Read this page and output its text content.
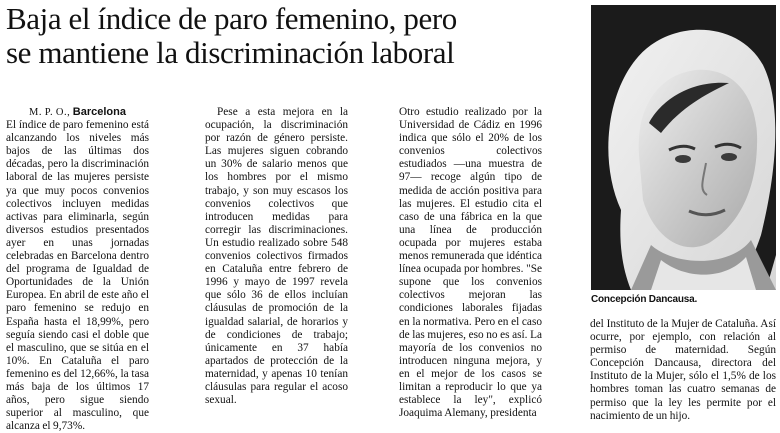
Baja el índice de paro femenino, pero
se mantiene la discriminación laboral

M. P. O., Barcelona

El índice de paro femenino está alcanzando los niveles más bajos de las últimas dos décadas, pero la discriminación laboral de las mujeres persiste ya que muy pocos convenios colectivos incluyen medidas activas para eliminarla, según diversos estudios presentados ayer en unas jornadas celebradas en Barcelona dentro del programa de Igualdad de Oportunidades de la Unión Europea. En abril de este año el paro femenino se redujo en España hasta el 18,99%, pero seguía siendo casi el doble que el masculino, que se sitúa en el 10%. En Cataluña el paro femenino es del 12,66%, la tasa más baja de los últimos 17 años, pero sigue siendo superior al masculino, que alcanza el 9,73%.

Pese a esta mejora en la ocupación, la discriminación por razón de género persiste. Las mujeres siguen cobrando un 30% de salario menos que los hombres por el mismo trabajo, y son muy escasos los convenios colectivos que introducen medidas para corregir las discriminaciones. Un estudio realizado sobre 548 convenios colectivos firmados en Cataluña entre febrero de 1996 y mayo de 1997 revela que sólo 36 de ellos incluían cláusulas de promoción de la igualdad salarial, de horarios y de condiciones de trabajo; únicamente en 37 había apartados de protección de la maternidad, y apenas 10 tenían cláusulas para regular el acoso sexual.

Otro estudio realizado por la Universidad de Cádiz en 1996 indica que sólo el 20% de los convenios colectivos estudiados —una muestra de 97— recoge algún tipo de medida de acción positiva para las mujeres. El estudio cita el caso de una fábrica en la que una línea de producción ocupada por mujeres estaba menos remunerada que idéntica línea ocupada por hombres. "Se supone que los convenios colectivos mejoran las condiciones laborales fijadas en la normativa. Pero en el caso de las mujeres, eso no es así. La mayoría de los convenios no introducen ninguna mejora, y en el mejor de los casos se limitan a reproducir lo que ya establece la ley", explicó Joaquima Alemany, presidenta

Concepción Dancausa.

del Instituto de la Mujer de Cataluña. Así ocurre, por ejemplo, con relación al permiso de maternidad. Según Concepción Dancausa, directora del Instituto de la Mujer, sólo el 1,5% de los hombres toman las cuatro semanas de permiso que la ley les permite por el nacimiento de un hijo.
